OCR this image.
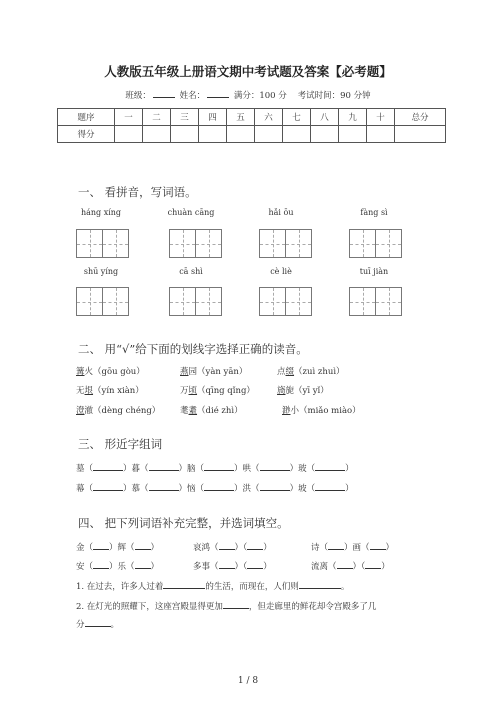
人教版五年级上册语文期中考试题及答案【必考题】
班级：	姓名：	满分：100 分 考试时间：90 分钟
题序	一	二	三	四	五	六	七	八	九	十	总分
得分											
一、 看拼音，写词语。
háng xíng	chuàn cāng	hǎi ōu	fàng sì
shū yíng	cā shì	cè liè	tuī jiàn
二、 用“√”给下面的划线字选择正确的读音。
篝火（gōu gòu）	燕园（yàn yān）	点缀（zuì zhuì）
无垠（yín xiàn）	万顷（qīng qǐng）	旖旎（yī yǐ）
澄澈（dèng chéng） 耄耋（dié zhì）	渺小（miǎo miào）
三、 形近字组词
墓（	）暮（	）脑（	）哄（	）玻（	）
幕（	）慕（	）恼（	）洪（	）坡（	）
四、 把下列词语补充完整，并选词填空。
金（ ）辉（ ）	哀鸿（ ）（ ）	诗（ ）画（ ）
安（ ）乐（ ）	多事（ ）（ ）	流离（ ）（ ）
1. 在过去，许多人过着	的生活，而现在，人们则	。
2. 在灯光的照耀下，这座宫殿显得更加	，但走廊里的鲜花却令宫殿多了几
分	。
1 / 8
